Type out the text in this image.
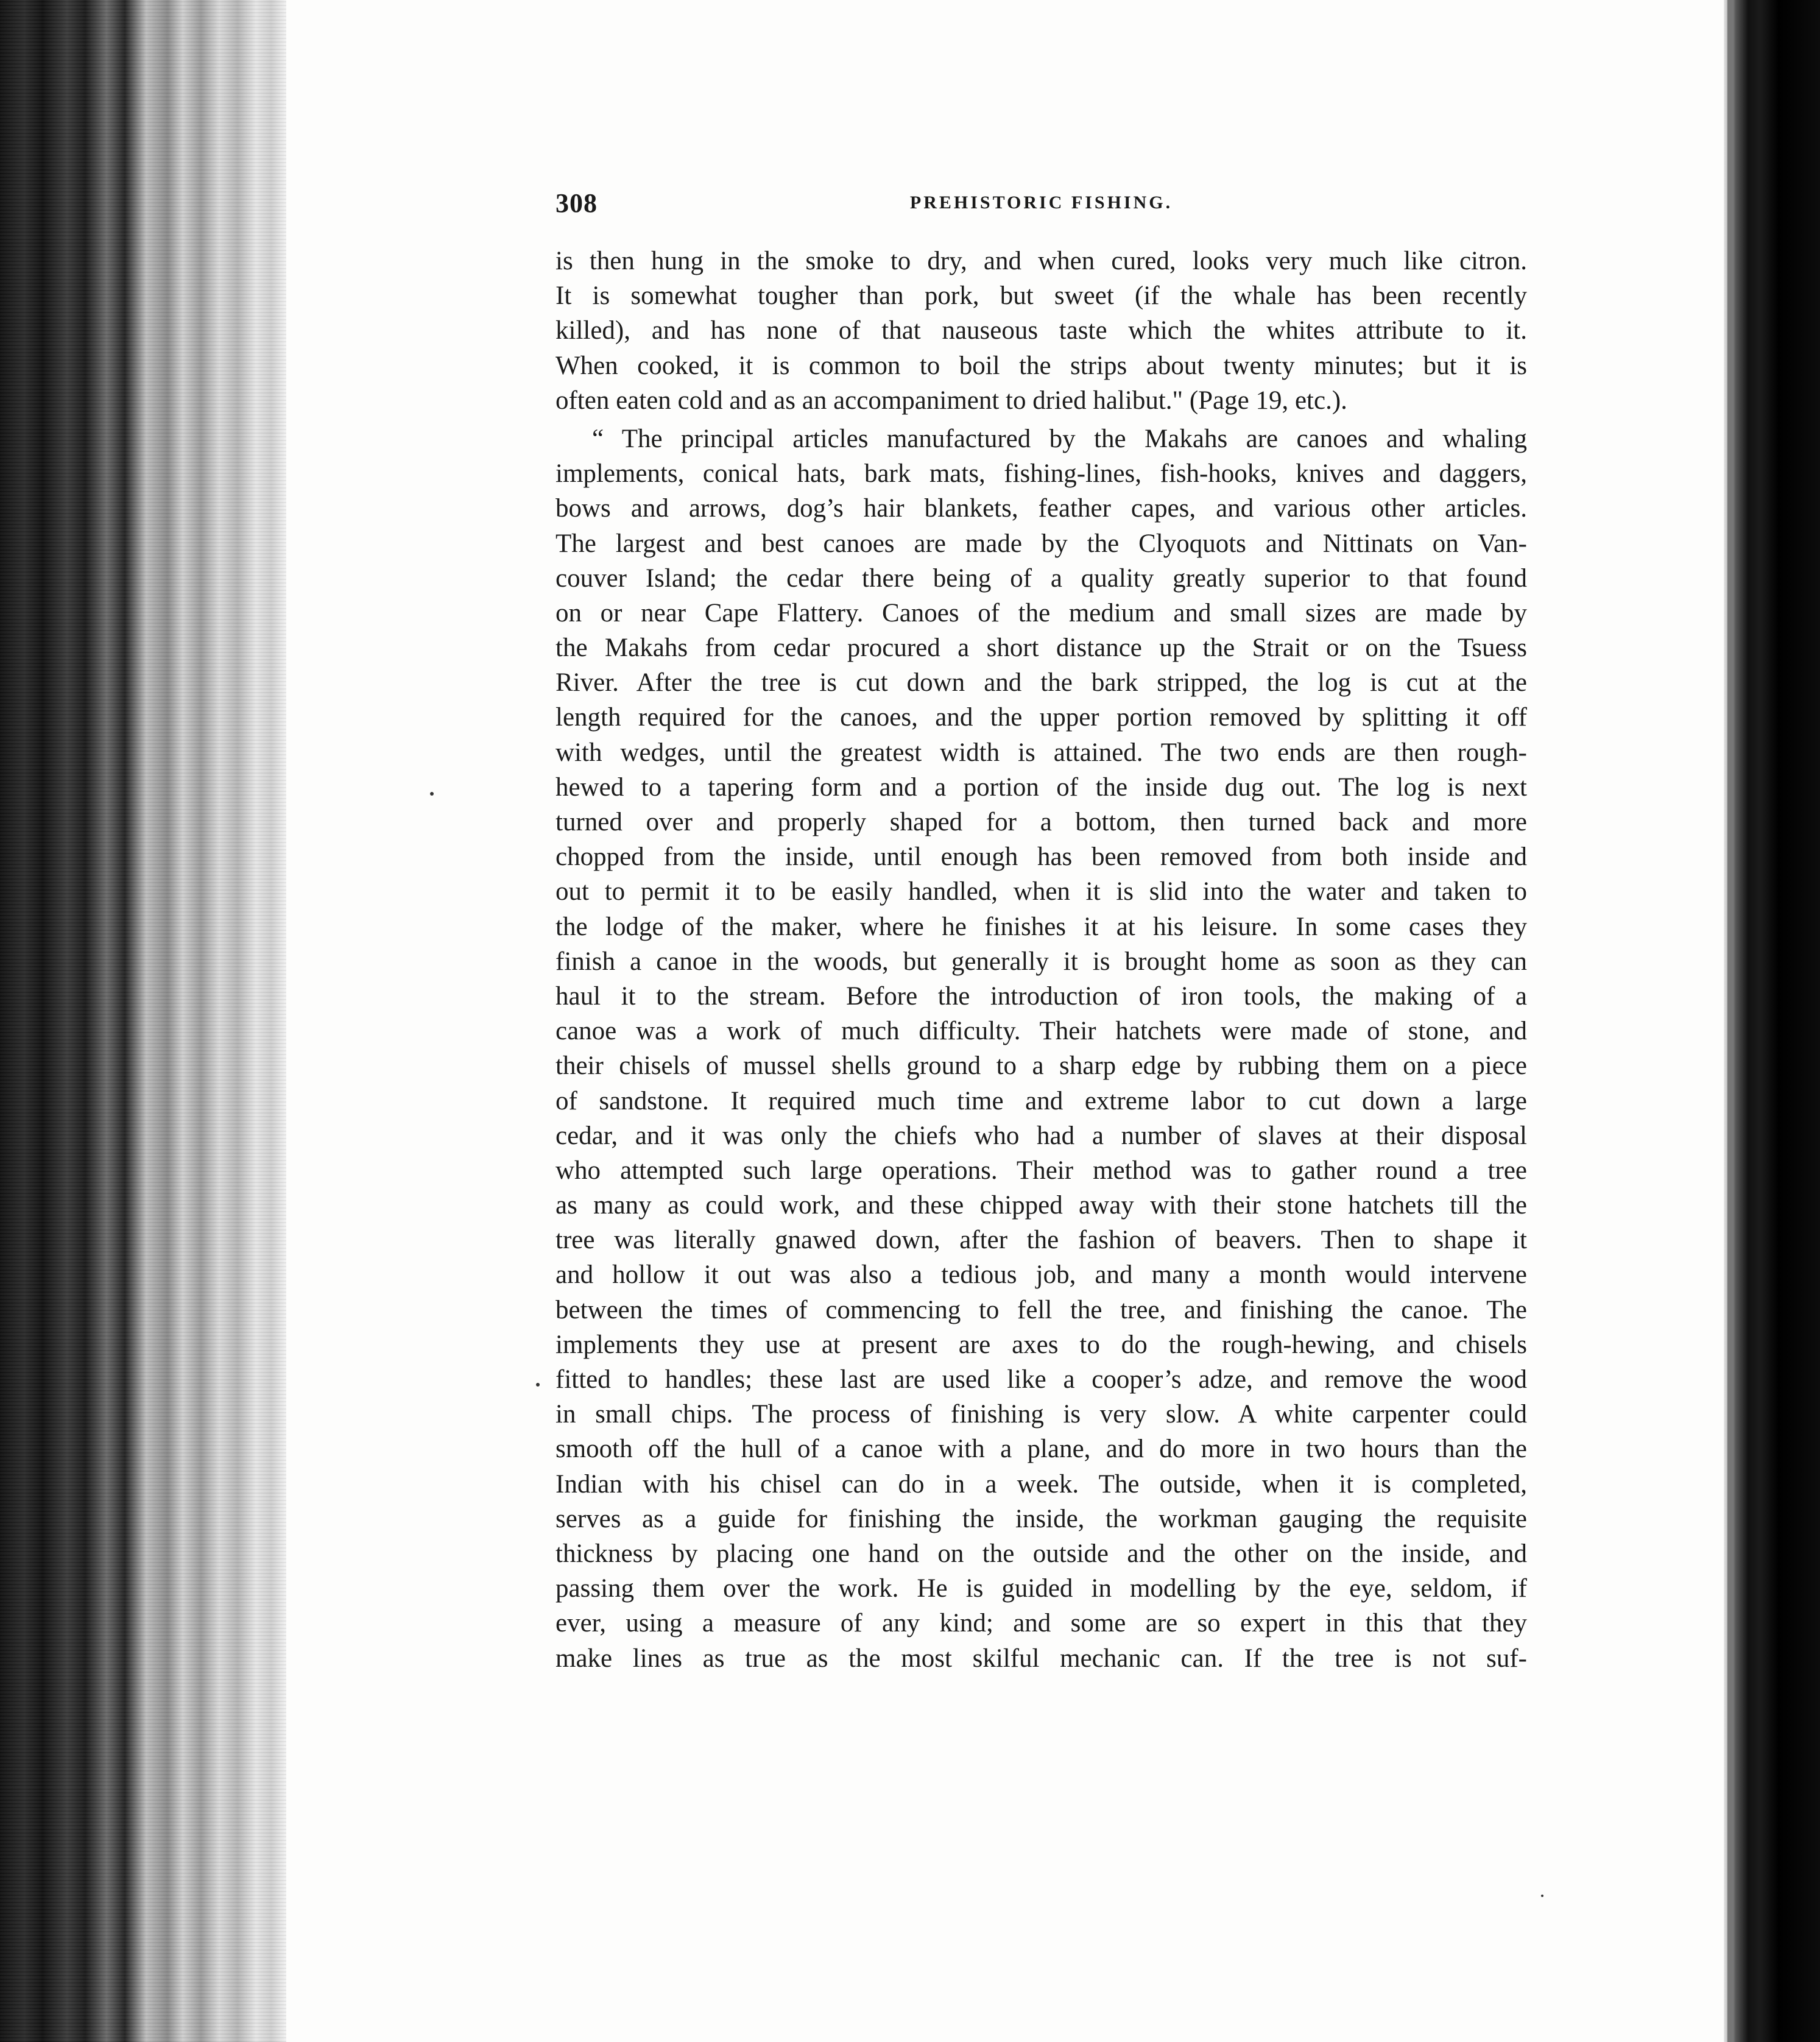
308	PREHISTORIC FISHING.
is then hung in the smoke to dry, and when cured, looks very much like citron.
It is somewhat tougher than pork, but sweet (if the whale has been recently
killed), and has none of that nauseous taste which the whites attribute to it.
When cooked, it is common to boil the strips about twenty minutes; but it is
often eaten cold and as an accompaniment to dried halibut." (Page 19, etc.).
“ The principal articles manufactured by the Makahs are canoes and whaling
implements, conical hats, bark mats, fishing-lines, fish-hooks, knives and daggers,
bows and arrows, dog’s hair blankets, feather capes, and various other articles.
The largest and best canoes are made by the Clyoquots and Nittinats on Van-
couver Island; the cedar there being of a quality greatly superior to that found
on or near Cape Flattery. Canoes of the medium and small sizes are made by
the Makahs from cedar procured a short distance up the Strait or on the Tsuess
River. After the tree is cut down and the bark stripped, the log is cut at the
length required for the canoes, and the upper portion removed by splitting it off
with wedges, until the greatest width is attained. The two ends are then rough-
hewed to a tapering form and a portion of the inside dug out. The log is next
turned over and properly shaped for a bottom, then turned back and more
chopped from the inside, until enough has been removed from both inside and
out to permit it to be easily handled, when it is slid into the water and taken to
the lodge of the maker, where he finishes it at his leisure. In some cases they
finish a canoe in the woods, but generally it is brought home as soon as they can
haul it to the stream. Before the introduction of iron tools, the making of a
canoe was a work of much difficulty. Their hatchets were made of stone, and
their chisels of mussel shells ground to a sharp edge by rubbing them on a piece
of sandstone. It required much time and extreme labor to cut down a large
cedar, and it was only the chiefs who had a number of slaves at their disposal
who attempted such large operations. Their method was to gather round a tree
as many as could work, and these chipped away with their stone hatchets till the
tree was literally gnawed down, after the fashion of beavers. Then to shape it
and hollow it out was also a tedious job, and many a month would intervene
between the times of commencing to fell the tree, and finishing the canoe. The
implements they use at present are axes to do the rough-hewing, and chisels
fitted to handles; these last are used like a cooper’s adze, and remove the wood
in small chips. The process of finishing is very slow. A white carpenter could
smooth off the hull of a canoe with a plane, and do more in two hours than the
Indian with his chisel can do in a week. The outside, when it is completed,
serves as a guide for finishing the inside, the workman gauging the requisite
thickness by placing one hand on the outside and the other on the inside, and
passing them over the work. He is guided in modelling by the eye, seldom, if
ever, using a measure of any kind; and some are so expert in this that they
make lines as true as the most skilful mechanic can. If the tree is not suf-
